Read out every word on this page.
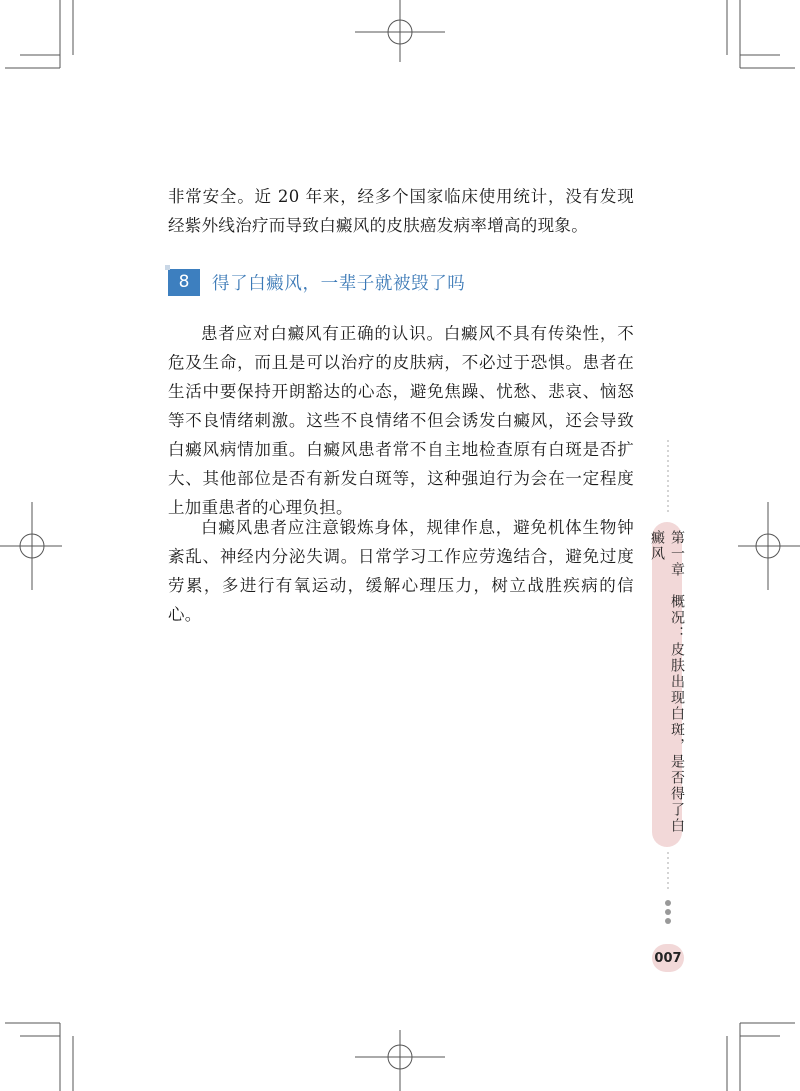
非常安全。近 20 年来，经多个国家临床使用统计，没有发现经紫外线治疗而导致白癜风的皮肤癌发病率增高的现象。

8	得了白癜风，一辈子就被毁了吗

患者应对白癜风有正确的认识。白癜风不具有传染性，不危及生命，而且是可以治疗的皮肤病，不必过于恐惧。患者在生活中要保持开朗豁达的心态，避免焦躁、忧愁、悲哀、恼怒等不良情绪刺激。这些不良情绪不但会诱发白癜风，还会导致白癜风病情加重。白癜风患者常不自主地检查原有白斑是否扩大、其他部位是否有新发白斑等，这种强迫行为会在一定程度上加重患者的心理负担。

白癜风患者应注意锻炼身体，规律作息，避免机体生物钟紊乱、神经内分泌失调。日常学习工作应劳逸结合，避免过度劳累，多进行有氧运动，缓解心理压力，树立战胜疾病的信心。	第一章　概况：皮肤出现白斑，是否得了白癜风
007
